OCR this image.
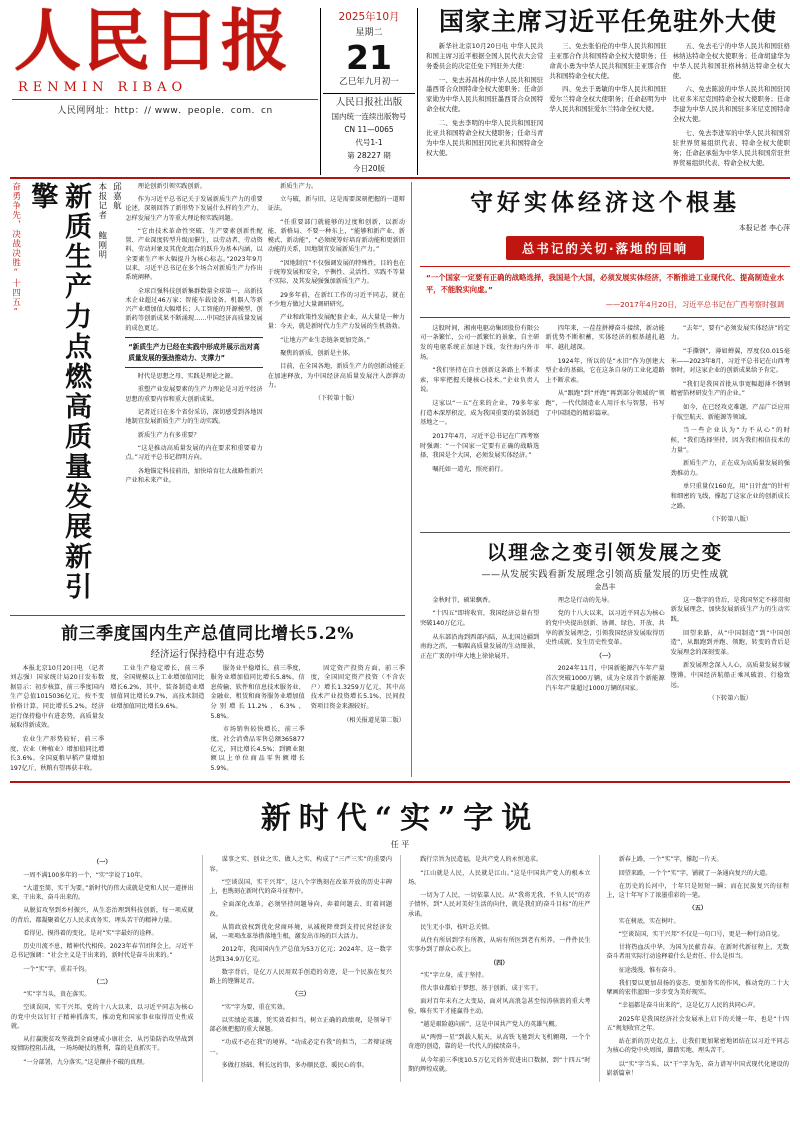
人民日报
RENMIN RIBAO
人民网网址：http：// www．people．com．cn
2025年10月
星期二
21
乙巳年九月初一
人民日报社出版
国内统一连续出版物号
CN 11—0065
代号1-1
第 28227 期
今日20版
国家主席习近平任免驻外大使

新华社北京10月20日电 中华人民共和国主席习近平根据全国人民代表大会常务委员会的决定任免下列驻外大使：

一、免去苏昌林的中华人民共和国驻墨西哥合众国特命全权大使职务；任命彭家勋为中华人民共和国驻墨西哥合众国特命全权大使。

二、免去李明的中华人民共和国驻冈比亚共和国特命全权大使职务；任命马青为中华人民共和国驻冈比亚共和国特命全权大使。

三、免去张伯伦的中华人民共和国驻圭亚那合作共和国特命全权大使职务；任命黄小勇为中华人民共和国驻圭亚那合作共和国特命全权大使。

四、免去于勇敏的中华人民共和国驻爱尔兰特命全权大使职务；任命赵明为中华人民共和国驻爱尔兰特命全权大使。

五、免去毛宁的中华人民共和国驻格林纳达特命全权大使职务；任命胡建华为中华人民共和国驻格林纳达特命全权大使。

六、免去陈波的中华人民共和国驻冈比亚多米尼克国特命全权大使职务；任命李建为中华人民共和国驻多米尼克国特命全权大使。

七、免去李进军的中华人民共和国常驻世界贸易组织代表、特命全权大使职务；任命赵承强为中华人民共和国常驻世界贸易组织代表、特命全权大使。

奋勇争先，决战决胜“十四五”	新质生产力点燃高质量发展新引擎	本报记者 鲍刚明 邱嘉航	理论创新引领实践创新。

作为习近平总书记关于发展新质生产力的重要论述，深刻回答了新形势下发展什么样的生产力、怎样发展生产力等重大理论和实践问题。

“它由技术革命性突破、生产要素创新性配置、产业深度转型升级而催生，以劳动者、劳动资料、劳动对象及其优化组合的跃升为基本内涵，以全要素生产率大幅提升为核心标志。”2023年9月以来，习近平总书记在多个场合对新质生产力作出系统阐释。

全球百强科技创新集群数量全球第一，高新技术企业超过46万家；智能车载设备、机器人等新兴产业增加值大幅增长；人工智能的开源模型、创新药等创新成果不断涌现……中国经济高质量发展的成色更足。

“新质生产力已经在实践中形成并展示出对高质量发展的强劲推动力、支撑力”

时代是思想之母，实践是理论之源。

重塑产业发展要素的生产力理论是习近平经济思想的重要内容和重大创新成果。

记者近日在多个省份采访，深切感受到各地因地制宜发展新质生产力的生动实践。

新质生产力有多重要？

“这是推动高质量发展的内在要求和重要着力点。”习近平总书记指明方向。

各地锚定科技前沿，加快培育壮大战略性新兴产业和未来产业。

新质生产力。

立与破，新与旧，这是需要深刻把握的一道辩证法。

“任重要部门就能够的过度和创新，以新动能、新格局、不要一种东上，“能够和新产业、新模式、新动能”，“必须统筹好培育新动能和更新旧动能的关系，因地制宜发展新质生产力。”

“因地制宜”不仅强调发展的特殊性，目的也在于统筹发展和安全，平衡性、灵活性、实践不等量不实际、及其发展强强加新质生产力。

29多年前，在新红工作的习近平同志，就在不少地方做过大量调研研究。

产业和政策性发展配套企业，从大量是一种力量：今天，就是新时代力生产力发展的生机勃勃。

“让地方产业生态链条更加完备。”

聚焦的新质，创新是主体。

目前，在全国各地，新质生产力的创新动能正在加速释放，为中国经济高质量发展注入澎湃动力。

（下转第十版）

前三季度国内生产总值同比增长5.2%
经济运行保持稳中有进态势

本报北京10月20日电 （记者刘志强）国家统计局20日发布数据显示：初步核算，前三季度国内生产总值1015036亿元，按不变价格计算，同比增长5.2%。经济运行保持稳中有进态势，高质量发展取得新成效。

农业生产形势较好，前三季度，农业（种植业）增加值同比增长3.6%。全国夏粮早稻产量增加197亿斤，秋粮有望再获丰收。

工业生产稳定增长，前三季度，全国规模以上工业增加值同比增长6.2%，其中，装备制造业增加值同比增长9.7%，高技术制造业增加值同比增长9.6%。

服务业平稳增长，前三季度，服务业增加值同比增长5.8%，信息传输、软件和信息技术服务业、金融业、租赁和商务服务业增加值分别增长11.2%、6.3%、5.8%。

市场销售较快增长，前三季度，社会消费品零售总额365877亿元，同比增长4.5%；到额业限额以上单位商品零售额增长5.9%。

固定资产投资方面，前三季度，全国固定资产投资（不含农户）增长1.3259万亿元，其中高技术产业投资增长5.1%，民间投资项目资金来源较好。

（相关报道见第二版）

守好实体经济这个根基
本报记者 李心萍
总书记的关切·落地的回响
“一个国家一定要有正确的战略选择，我国是个大国，必须发展实体经济，不断推进工业现代化、提高制造业水平，不能脱实向虚。”
——2017年4月20日，习近平总书记在广西考察时强调

这股时间，湘南电驱动集团股份有限公司一条繁忙，公司一派繁忙的景象，自主研发的电驱系统正加速下线，发往海内外市场。

“我们坚持在自主创新这条路上不断求索，牢牢把握关键核心技术。”企业负责人说。

这家以“一五”在来的企业，79多年家打造本深厚积淀，成为我国重要的装备制造基地之一。

2017年4月，习近平总书记在广西考察时强调：“一个国家一定要有正确的战略选择，我国是个大国，必须发展实体经济。”

嘱托如一道光，照亮前行。

四年来，一茬茬拼搏奋斗接续，新动能新优势不断积蓄，实体经济的根基越扎越牢、越扎越深。

1924年，所以的是“永旧”作为创建大型企业的基础，它在这条自身的工业化道路上不断求索。

从“跟跑”到“并跑”再到部分领域的“领跑”，一代代制造业人用汗水与智慧，书写了中国制造的精彩篇章。

“去年”，要有“必须发展实体经济”的定力。

“手撕钢”，薄如蝉翼，厚度仅0.015毫米——2023年8月，习近平总书记在山西考察时，对这家企业的创新成果给予肯定。

“我们是我国首批从事宽幅超薄不锈钢精密箔材研发生产的企业。”

如今，在已经攻克难题，产品广泛应用于航空航天、新能源等领域。

当一些企业认为“力不从心”的时候，“我们选择坚持，因为我们相信技术的力量”。

新质生产力，正在成为高质量发展的强劲推动力。

单只重量仅160克，用“日针盘”的针杆和细密的飞线，撑起了这家企业的创新成长之路。

（下转第八版）

以理念之变引领发展之变
——从发展实践看新发展理念引领高质量发展的历史性成就
金昌丰

金秋时节，硕果飘香。

“十四五”即将收官，我国经济总量有望突破140万亿元。

从东部沿海到西部内陆，从北国边疆到南海之滨，一幅幅高质量发展的生动图景，正在广袤的中华大地上徐徐展开。

理念是行动的先导。

党的十八大以来，以习近平同志为核心的党中央提出创新、协调、绿色、开放、共享的新发展理念，引领我国经济发展取得历史性成就、发生历史性变革。

（一）

2024年11月，中国新能源汽车年产量首次突破1000万辆，成为全球首个新能源汽车年产量超过1000万辆的国家。

这一数字的背后，是我国坚定不移贯彻新发展理念、加快发展新质生产力的生动实践。

回望来路，从“中国制造”到“中国创造”，从跟跑到并跑、领跑，转变的背后是发展理念的深刻变革。

新发展理念深入人心，高质量发展步履铿锵，中国经济航船正乘风破浪、行稳致远。

（下转第六版）

新时代“实”字说
任 平

（一）

一周不满100多年的一个，“实”字说了10年。

“大道至简，实干为要。”新时代的伟大成就是党和人民一道拼出来、干出来、奋斗出来的。

从脱贫攻坚到乡村振兴，从生态治理到科技创新，每一项成就的背后，都凝聚着亿万人民求真务实、埋头苦干的精神力量。

看得见、摸得着的变化，是对“实”字最好的诠释。

历史川流不息，精神代代相传。2023年春节团拜会上，习近平总书记强调：“社会主义是干出来的，新时代是奋斗出来的。”

一个“实”字，重若千钧。

（二）

“实”字当头，贵在落实。

空谈误国，实干兴邦。党的十八大以来，以习近平同志为核心的党中央以钉钉子精神抓落实，推动党和国家事业取得历史性成就。

从打赢脱贫攻坚战到全面建成小康社会，从污染防治攻坚战到疫情防控阻击战，一场场硬仗的胜利，靠的是真抓实干。

“一分部署，九分落实。”这是颠扑不破的真理。

谋事之实、创业之实、做人之实，构成了“三严三实”的重要内容。

“空谈误国、实干兴邦”，这八个字镌刻在改革开放的历史丰碑上，也镌刻在新时代的奋斗征程中。

全面深化改革，必须坚持问题导向，奔着问题去、盯着问题改。

从简政放权到优化营商环境，从减税降费到支持民营经济发展，一项项改革举措落地生根，激发出市场的巨大活力。

2012年，我国国内生产总值为53万亿元；2024年，这一数字达到134.9万亿元。

数字背后，是亿万人民用双手创造的奇迹，是一个民族在复兴路上的铿锵足音。

（三）

“实”字为要，重在实效。

以实绩论英雄，凭实效看担当。树立正确的政绩观，是领导干部必须把握的重大课题。

“功成不必在我”的境界，“功成必定有我”的担当，二者辩证统一。

多做打基础、利长远的事，多办顺民意、暖民心的事。

践行宗旨为民造福，是共产党人的永恒追求。

“江山就是人民，人民就是江山。”这是中国共产党人的根本立场。

一切为了人民，一切依靠人民。从“我将无我，不负人民”的赤子情怀，到“人民对美好生活的向往，就是我们的奋斗目标”的庄严承诺。

民生无小事，枝叶总关情。

从住有所居到学有所教，从病有所医到老有所养，一件件民生实事办到了群众心坎上。

（四）

“实”字立身，成于坚持。

伟大事业都始于梦想、基于创新、成于实干。

面对百年未有之大变局，面对风高浪急甚至惊涛骇浪的重大考验，唯有实干才能赢得主动。

“越是艰险越向前”，这是中国共产党人的英雄气概。

从“两弹一星”到载人航天，从高铁飞驰到大飞机翱翔，一个个奇迹的创造，靠的是一代代人的接续奋斗。

从今年前三季度10.5万亿元的外贸进出口数据，到“十四五”时期的辉煌成就。

新春上路，一个“实”字，撑起一片天。

回望来路，一个个“实”字，铺就了一条通向复兴的大道。

在历史的长河中，十年只是短短一瞬；而在民族复兴的征程上，这十年写下了浓墨重彩的一笔。

（五）

实在树底，实在树叶。

“空谈误国，实干兴邦”不仅是一句口号，更是一种行动自觉。

甘将热血沃中华，为国为民献青春。在新时代新征程上，无数奋斗者用实际行动诠释着什么是责任、什么是担当。

征途漫漫，惟有奋斗。

我们要以更加昂扬的姿态、更加务实的作风，推动党的二十大擘画的宏伟蓝图一步步变为美好现实。

“幸福都是奋斗出来的”，这是亿万人民的共同心声。

2025年是我国经济社会发展承上启下的关键一年，也是“十四五”规划收官之年。

站在新的历史起点上，让我们更加紧密地团结在以习近平同志为核心的党中央周围，脚踏实地、埋头苦干。

以“实”字当头、以“干”字为先，奋力谱写中国式现代化建设的崭新篇章！
